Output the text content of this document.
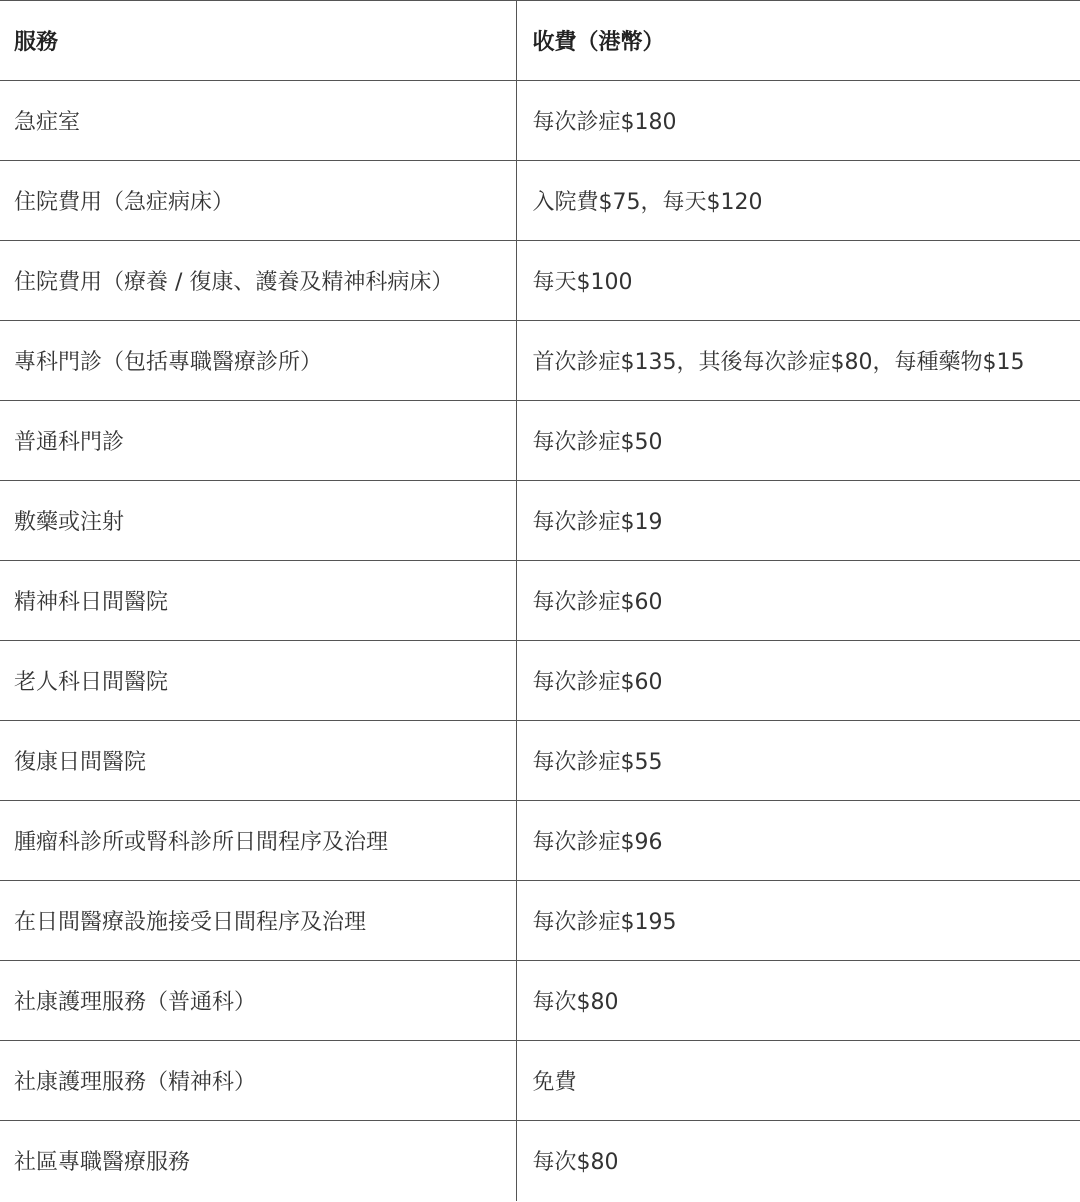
服務	收費（港幣）
急症室	每次診症$180
住院費用（急症病床）	入院費$75，每天$120
住院費用（療養 / 復康、護養及精神科病床）	每天$100
專科門診（包括專職醫療診所）	首次診症$135，其後每次診症$80，每種藥物$15
普通科門診	每次診症$50
敷藥或注射	每次診症$19
精神科日間醫院	每次診症$60
老人科日間醫院	每次診症$60
復康日間醫院	每次診症$55
腫瘤科診所或腎科診所日間程序及治理	每次診症$96
在日間醫療設施接受日間程序及治理	每次診症$195
社康護理服務（普通科）	每次$80
社康護理服務（精神科）	免費
社區專職醫療服務	每次$80
